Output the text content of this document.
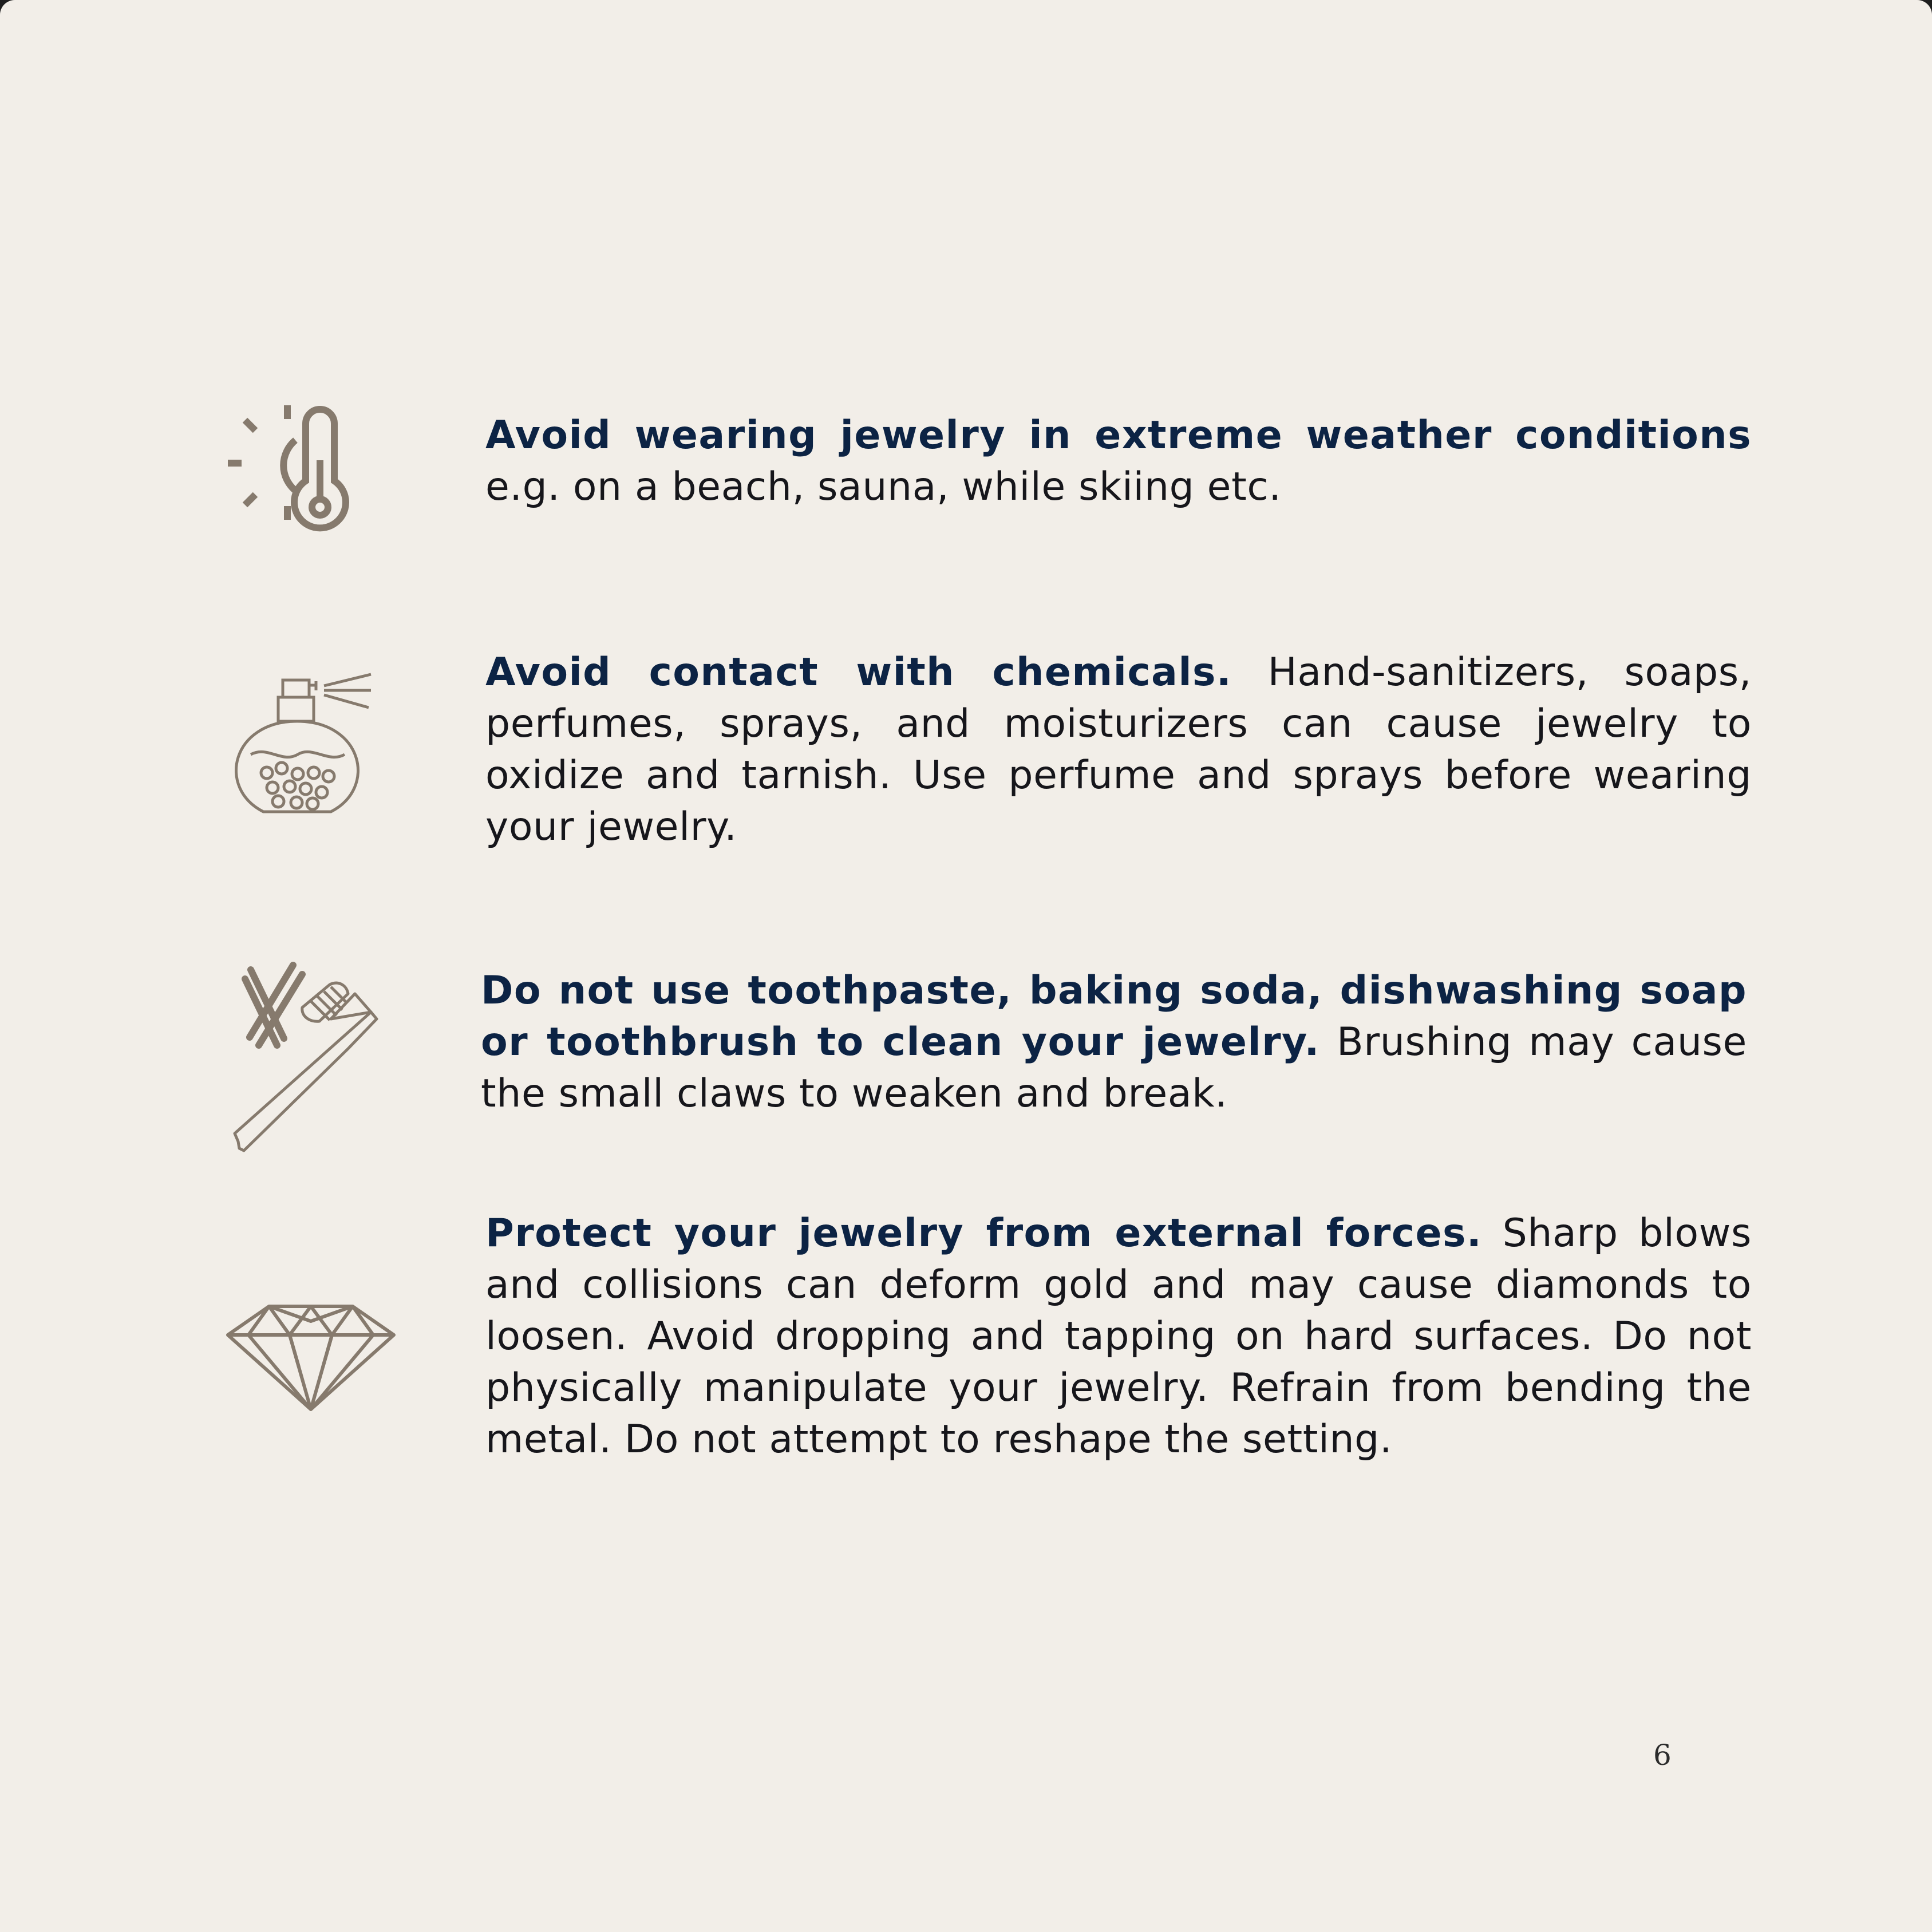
Avoid wearing jewelry in extreme weather conditions e.g. on a beach, sauna, while skiing etc.

Avoid contact with chemicals. Hand-sanitizers, soaps, perfumes, sprays, and moisturizers can cause jewelry to oxidize and tarnish. Use perfume and sprays before wearing your jewelry.

Do not use toothpaste, baking soda, dishwashing soap or toothbrush to clean your jewelry. Brushing may cause the small claws to weaken and break.

Protect your jewelry from external forces. Sharp blows and collisions can deform gold and may cause diamonds to loosen. Avoid dropping and tapping on hard surfaces. Do not physically manipulate your jewelry. Refrain from bending the metal. Do not attempt to reshape the setting.

6
